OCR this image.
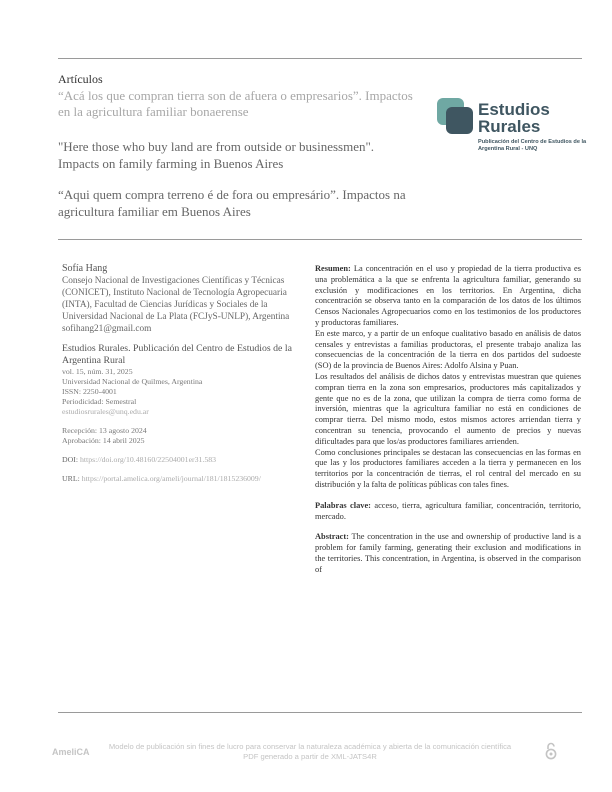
Artículos
“Acá los que compran tierra son de afuera o empresarios”. Impactos en la agricultura familiar bonaerense
"Here those who buy land are from outside or businessmen". Impacts on family farming in Buenos Aires
“Aqui quem compra terreno é de fora ou empresário”. Impactos na agricultura familiar em Buenos Aires
Estudios
Rurales
Publicación del Centro de Estudios de la Argentina Rural - UNQ
Sofía Hang
Consejo Nacional de Investigaciones Científicas y Técnicas (CONICET), Instituto Nacional de Tecnología Agropecuaria (INTA), Facultad de Ciencias Jurídicas y Sociales de la Universidad Nacional de La Plata (FCJyS-UNLP), Argentina
sofihang21@gmail.com
Estudios Rurales. Publicación del Centro de Estudios de la Argentina Rural
vol. 15, núm. 31, 2025
Universidad Nacional de Quilmes, Argentina
ISSN: 2250-4001
Periodicidad: Semestral
estudiosrurales@unq.edu.ar
Recepción: 13 agosto 2024
Aprobación: 14 abril 2025
DOI: https://doi.org/10.48160/22504001er31.583
URL: https://portal.amelica.org/ameli/journal/181/1815236009/

Resumen: La concentración en el uso y propiedad de la tierra productiva es una problemática a la que se enfrenta la agricultura familiar, generando su exclusión y modificaciones en los territorios. En Argentina, dicha concentración se observa tanto en la comparación de los datos de los últimos Censos Nacionales Agropecuarios como en los testimonios de los productores y productoras familiares.

En este marco, y a partir de un enfoque cualitativo basado en análisis de datos censales y entrevistas a familias productoras, el presente trabajo analiza las consecuencias de la concentración de la tierra en dos partidos del sudoeste (SO) de la provincia de Buenos Aires: Adolfo Alsina y Puan.

Los resultados del análisis de dichos datos y entrevistas muestran que quienes compran tierra en la zona son empresarios, productores más capitalizados y gente que no es de la zona, que utilizan la compra de tierra como forma de inversión, mientras que la agricultura familiar no está en condiciones de comprar tierra. Del mismo modo, estos mismos actores arriendan tierra y concentran su tenencia, provocando el aumento de precios y nuevas dificultades para que los/as productores familiares arrienden.

Como conclusiones principales se destacan las consecuencias en las formas en que las y los productores familiares acceden a la tierra y permanecen en los territorios por la concentración de tierras, el rol central del mercado en su distribución y la falta de políticas públicas con tales fines.

Palabras clave: acceso, tierra, agricultura familiar, concentración, territorio, mercado.

Abstract: The concentration in the use and ownership of productive land is a problem for family farming, generating their exclusion and modifications in the territories. This concentration, in Argentina, is observed in the comparison of

AmeliCA
Modelo de publicación sin fines de lucro para conservar la naturaleza académica y abierta de la comunicación científica
PDF generado a partir de XML-JATS4R
